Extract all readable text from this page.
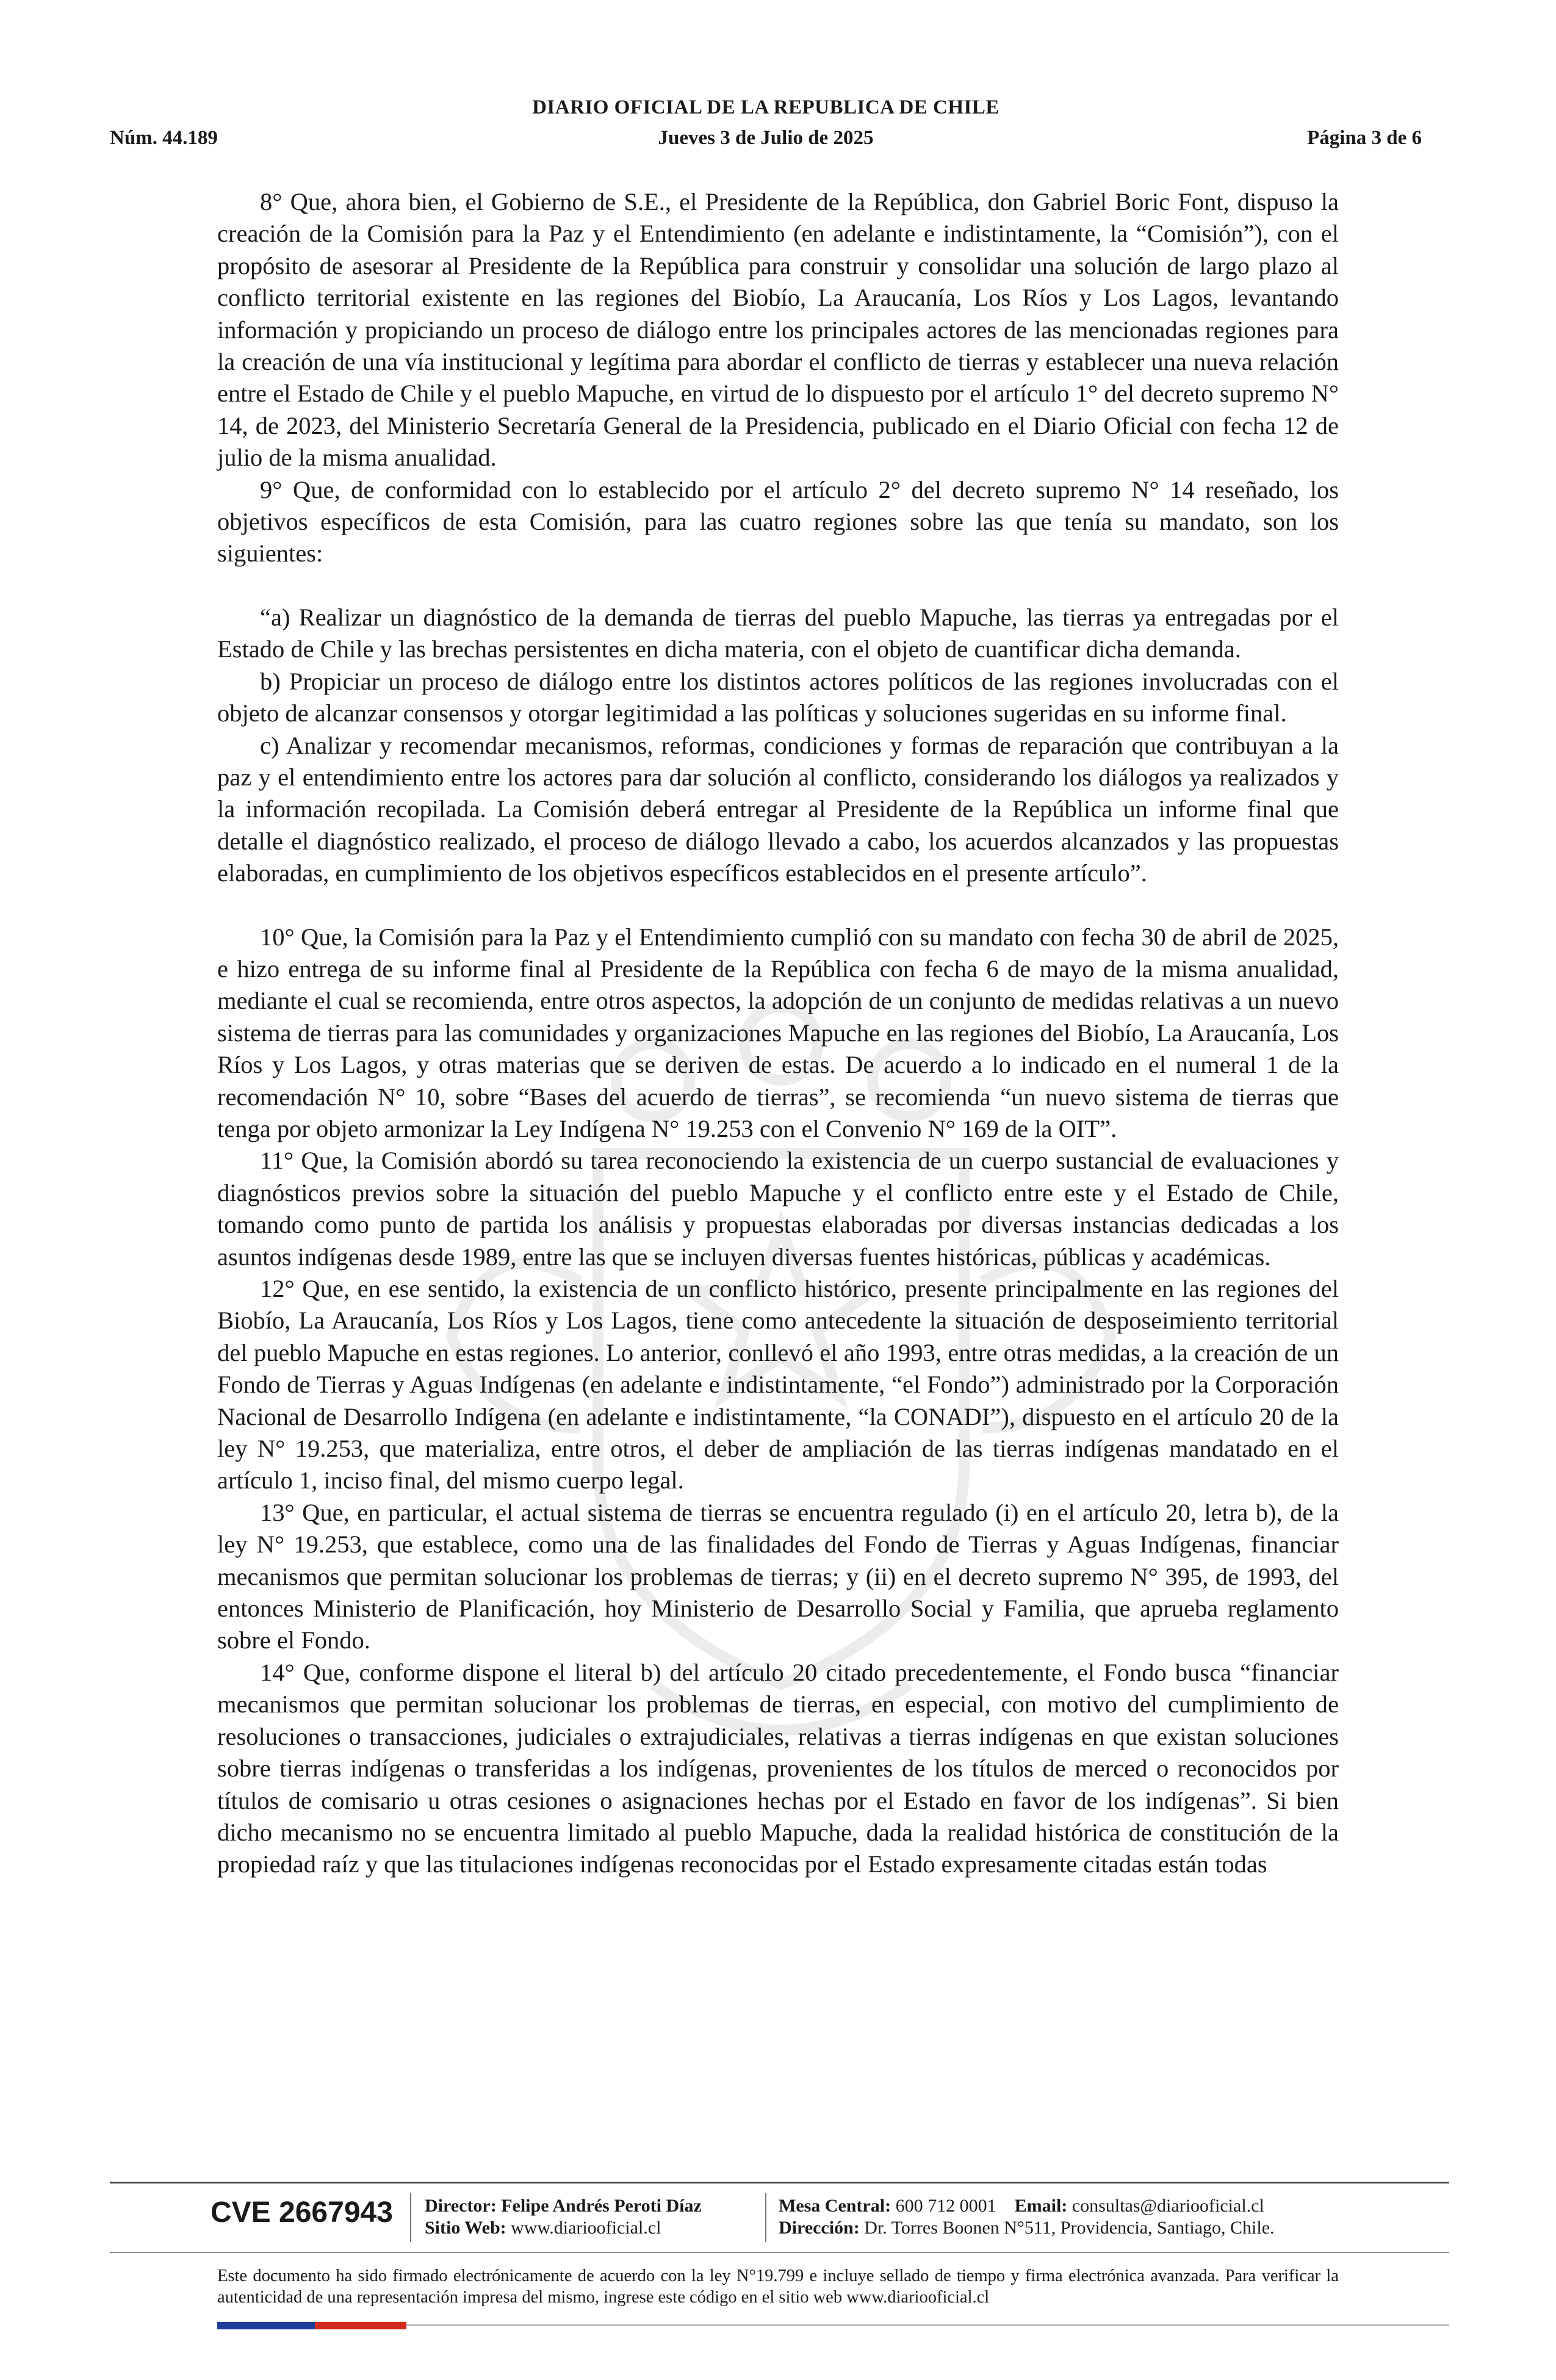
DIARIO OFICIAL DE LA REPUBLICA DE CHILE
Núm. 44.189	Jueves 3 de Julio de 2025	Página 3 de 6

8° Que, ahora bien, el Gobierno de S.E., el Presidente de la República, don Gabriel Boric Font, dispuso la creación de la Comisión para la Paz y el Entendimiento (en adelante e indistintamente, la “Comisión”), con el propósito de asesorar al Presidente de la República para construir y consolidar una solución de largo plazo al conflicto territorial existente en las regiones del Biobío, La Araucanía, Los Ríos y Los Lagos, levantando información y propiciando un proceso de diálogo entre los principales actores de las mencionadas regiones para la creación de una vía institucional y legítima para abordar el conflicto de tierras y establecer una nueva relación entre el Estado de Chile y el pueblo Mapuche, en virtud de lo dispuesto por el artículo 1° del decreto supremo N° 14, de 2023, del Ministerio Secretaría General de la Presidencia, publicado en el Diario Oficial con fecha 12 de julio de la misma anualidad.

9° Que, de conformidad con lo establecido por el artículo 2° del decreto supremo N° 14 reseñado, los objetivos específicos de esta Comisión, para las cuatro regiones sobre las que tenía su mandato, son los siguientes:

“a) Realizar un diagnóstico de la demanda de tierras del pueblo Mapuche, las tierras ya entregadas por el Estado de Chile y las brechas persistentes en dicha materia, con el objeto de cuantificar dicha demanda.

b) Propiciar un proceso de diálogo entre los distintos actores políticos de las regiones involucradas con el objeto de alcanzar consensos y otorgar legitimidad a las políticas y soluciones sugeridas en su informe final.

c) Analizar y recomendar mecanismos, reformas, condiciones y formas de reparación que contribuyan a la paz y el entendimiento entre los actores para dar solución al conflicto, considerando los diálogos ya realizados y la información recopilada. La Comisión deberá entregar al Presidente de la República un informe final que detalle el diagnóstico realizado, el proceso de diálogo llevado a cabo, los acuerdos alcanzados y las propuestas elaboradas, en cumplimiento de los objetivos específicos establecidos en el presente artículo”.

10° Que, la Comisión para la Paz y el Entendimiento cumplió con su mandato con fecha 30 de abril de 2025, e hizo entrega de su informe final al Presidente de la República con fecha 6 de mayo de la misma anualidad, mediante el cual se recomienda, entre otros aspectos, la adopción de un conjunto de medidas relativas a un nuevo sistema de tierras para las comunidades y organizaciones Mapuche en las regiones del Biobío, La Araucanía, Los Ríos y Los Lagos, y otras materias que se deriven de estas. De acuerdo a lo indicado en el numeral 1 de la recomendación N° 10, sobre “Bases del acuerdo de tierras”, se recomienda “un nuevo sistema de tierras que tenga por objeto armonizar la Ley Indígena N° 19.253 con el Convenio N° 169 de la OIT”.

11° Que, la Comisión abordó su tarea reconociendo la existencia de un cuerpo sustancial de evaluaciones y diagnósticos previos sobre la situación del pueblo Mapuche y el conflicto entre este y el Estado de Chile, tomando como punto de partida los análisis y propuestas elaboradas por diversas instancias dedicadas a los asuntos indígenas desde 1989, entre las que se incluyen diversas fuentes históricas, públicas y académicas.

12° Que, en ese sentido, la existencia de un conflicto histórico, presente principalmente en las regiones del Biobío, La Araucanía, Los Ríos y Los Lagos, tiene como antecedente la situación de desposeimiento territorial del pueblo Mapuche en estas regiones. Lo anterior, conllevó el año 1993, entre otras medidas, a la creación de un Fondo de Tierras y Aguas Indígenas (en adelante e indistintamente, “el Fondo”) administrado por la Corporación Nacional de Desarrollo Indígena (en adelante e indistintamente, “la CONADI”), dispuesto en el artículo 20 de la ley N° 19.253, que materializa, entre otros, el deber de ampliación de las tierras indígenas mandatado en el artículo 1, inciso final, del mismo cuerpo legal.

13° Que, en particular, el actual sistema de tierras se encuentra regulado (i) en el artículo 20, letra b), de la ley N° 19.253, que establece, como una de las finalidades del Fondo de Tierras y Aguas Indígenas, financiar mecanismos que permitan solucionar los problemas de tierras; y (ii) en el decreto supremo N° 395, de 1993, del entonces Ministerio de Planificación, hoy Ministerio de Desarrollo Social y Familia, que aprueba reglamento sobre el Fondo.

14° Que, conforme dispone el literal b) del artículo 20 citado precedentemente, el Fondo busca “financiar mecanismos que permitan solucionar los problemas de tierras, en especial, con motivo del cumplimiento de resoluciones o transacciones, judiciales o extrajudiciales, relativas a tierras indígenas en que existan soluciones sobre tierras indígenas o transferidas a los indígenas, provenientes de los títulos de merced o reconocidos por títulos de comisario u otras cesiones o asignaciones hechas por el Estado en favor de los indígenas”. Si bien dicho mecanismo no se encuentra limitado al pueblo Mapuche, dada la realidad histórica de constitución de la propiedad raíz y que las titulaciones indígenas reconocidas por el Estado expresamente citadas están todas

CVE 2667943 Director: Felipe Andrés Peroti Díaz
Sitio Web: www.diariooficial.cl
Mesa Central: 600 712 0001 Email: consultas@diariooficial.cl
Dirección: Dr. Torres Boonen N°511, Providencia, Santiago, Chile.
Este documento ha sido firmado electrónicamente de acuerdo con la ley N°19.799 e incluye sellado de tiempo y firma electrónica avanzada. Para verificar la autenticidad de una representación impresa del mismo, ingrese este código en el sitio web www.diariooficial.cl
